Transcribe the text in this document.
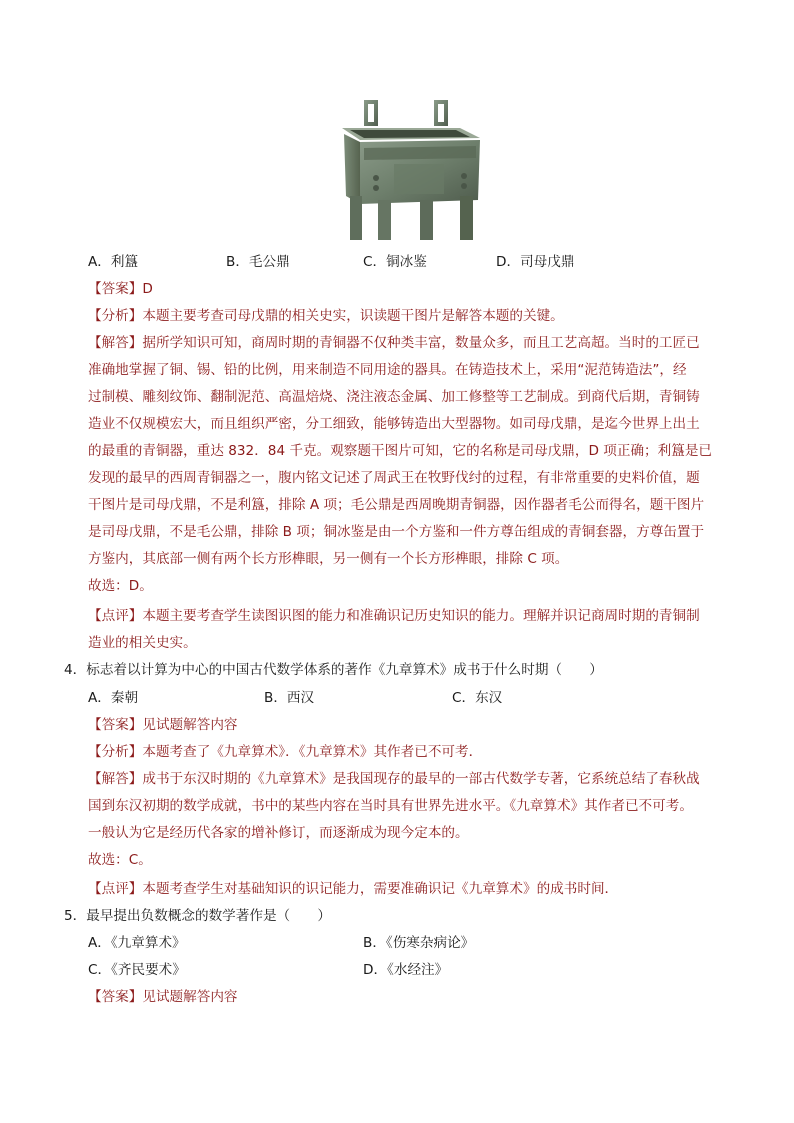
A．利簋	B．毛公鼎	C．铜冰鉴	D．司母戊鼎
【答案】D
【分析】本题主要考查司母戊鼎的相关史实，识读题干图片是解答本题的关键。
【解答】据所学知识可知，商周时期的青铜器不仅种类丰富，数量众多，而且工艺高超。当时的工匠已
准确地掌握了铜、锡、铅的比例，用来制造不同用途的器具。在铸造技术上，采用“泥范铸造法”，经
过制模、雕刻纹饰、翻制泥范、高温焙烧、浇注液态金属、加工修整等工艺制成。到商代后期，青铜铸
造业不仅规模宏大，而且组织严密，分工细致，能够铸造出大型器物。如司母戊鼎，是迄今世界上出土
的最重的青铜器，重达 832．84 千克。观察题干图片可知，它的名称是司母戊鼎，D 项正确；利簋是已
发现的最早的西周青铜器之一，腹内铭文记述了周武王在牧野伐纣的过程，有非常重要的史料价值，题
干图片是司母戊鼎，不是利簋，排除 A 项；毛公鼎是西周晚期青铜器，因作器者毛公而得名，题干图片
是司母戊鼎，不是毛公鼎，排除 B 项；铜冰鉴是由一个方鉴和一件方尊缶组成的青铜套器，方尊缶置于
方鉴内，其底部一侧有两个长方形榫眼，另一侧有一个长方形榫眼，排除 C 项。
故选：D。
【点评】本题主要考查学生读图识图的能力和准确识记历史知识的能力。理解并识记商周时期的青铜制
造业的相关史实。
4．标志着以计算为中心的中国古代数学体系的著作《九章算术》成书于什么时期（　　）
A．秦朝	B．西汉	C．东汉
【答案】见试题解答内容
【分析】本题考查了《九章算术》．《九章算术》其作者已不可考．
【解答】成书于东汉时期的《九章算术》是我国现存的最早的一部古代数学专著，它系统总结了春秋战
国到东汉初期的数学成就，书中的某些内容在当时具有世界先进水平。《九章算术》其作者已不可考。
一般认为它是经历代各家的增补修订，而逐渐成为现今定本的。
故选：C。
【点评】本题考查学生对基础知识的识记能力，需要准确识记《九章算术》的成书时间．
5．最早提出负数概念的数学著作是（　　）
A．《九章算术》	B．《伤寒杂病论》
C．《齐民要术》	D．《水经注》
【答案】见试题解答内容
